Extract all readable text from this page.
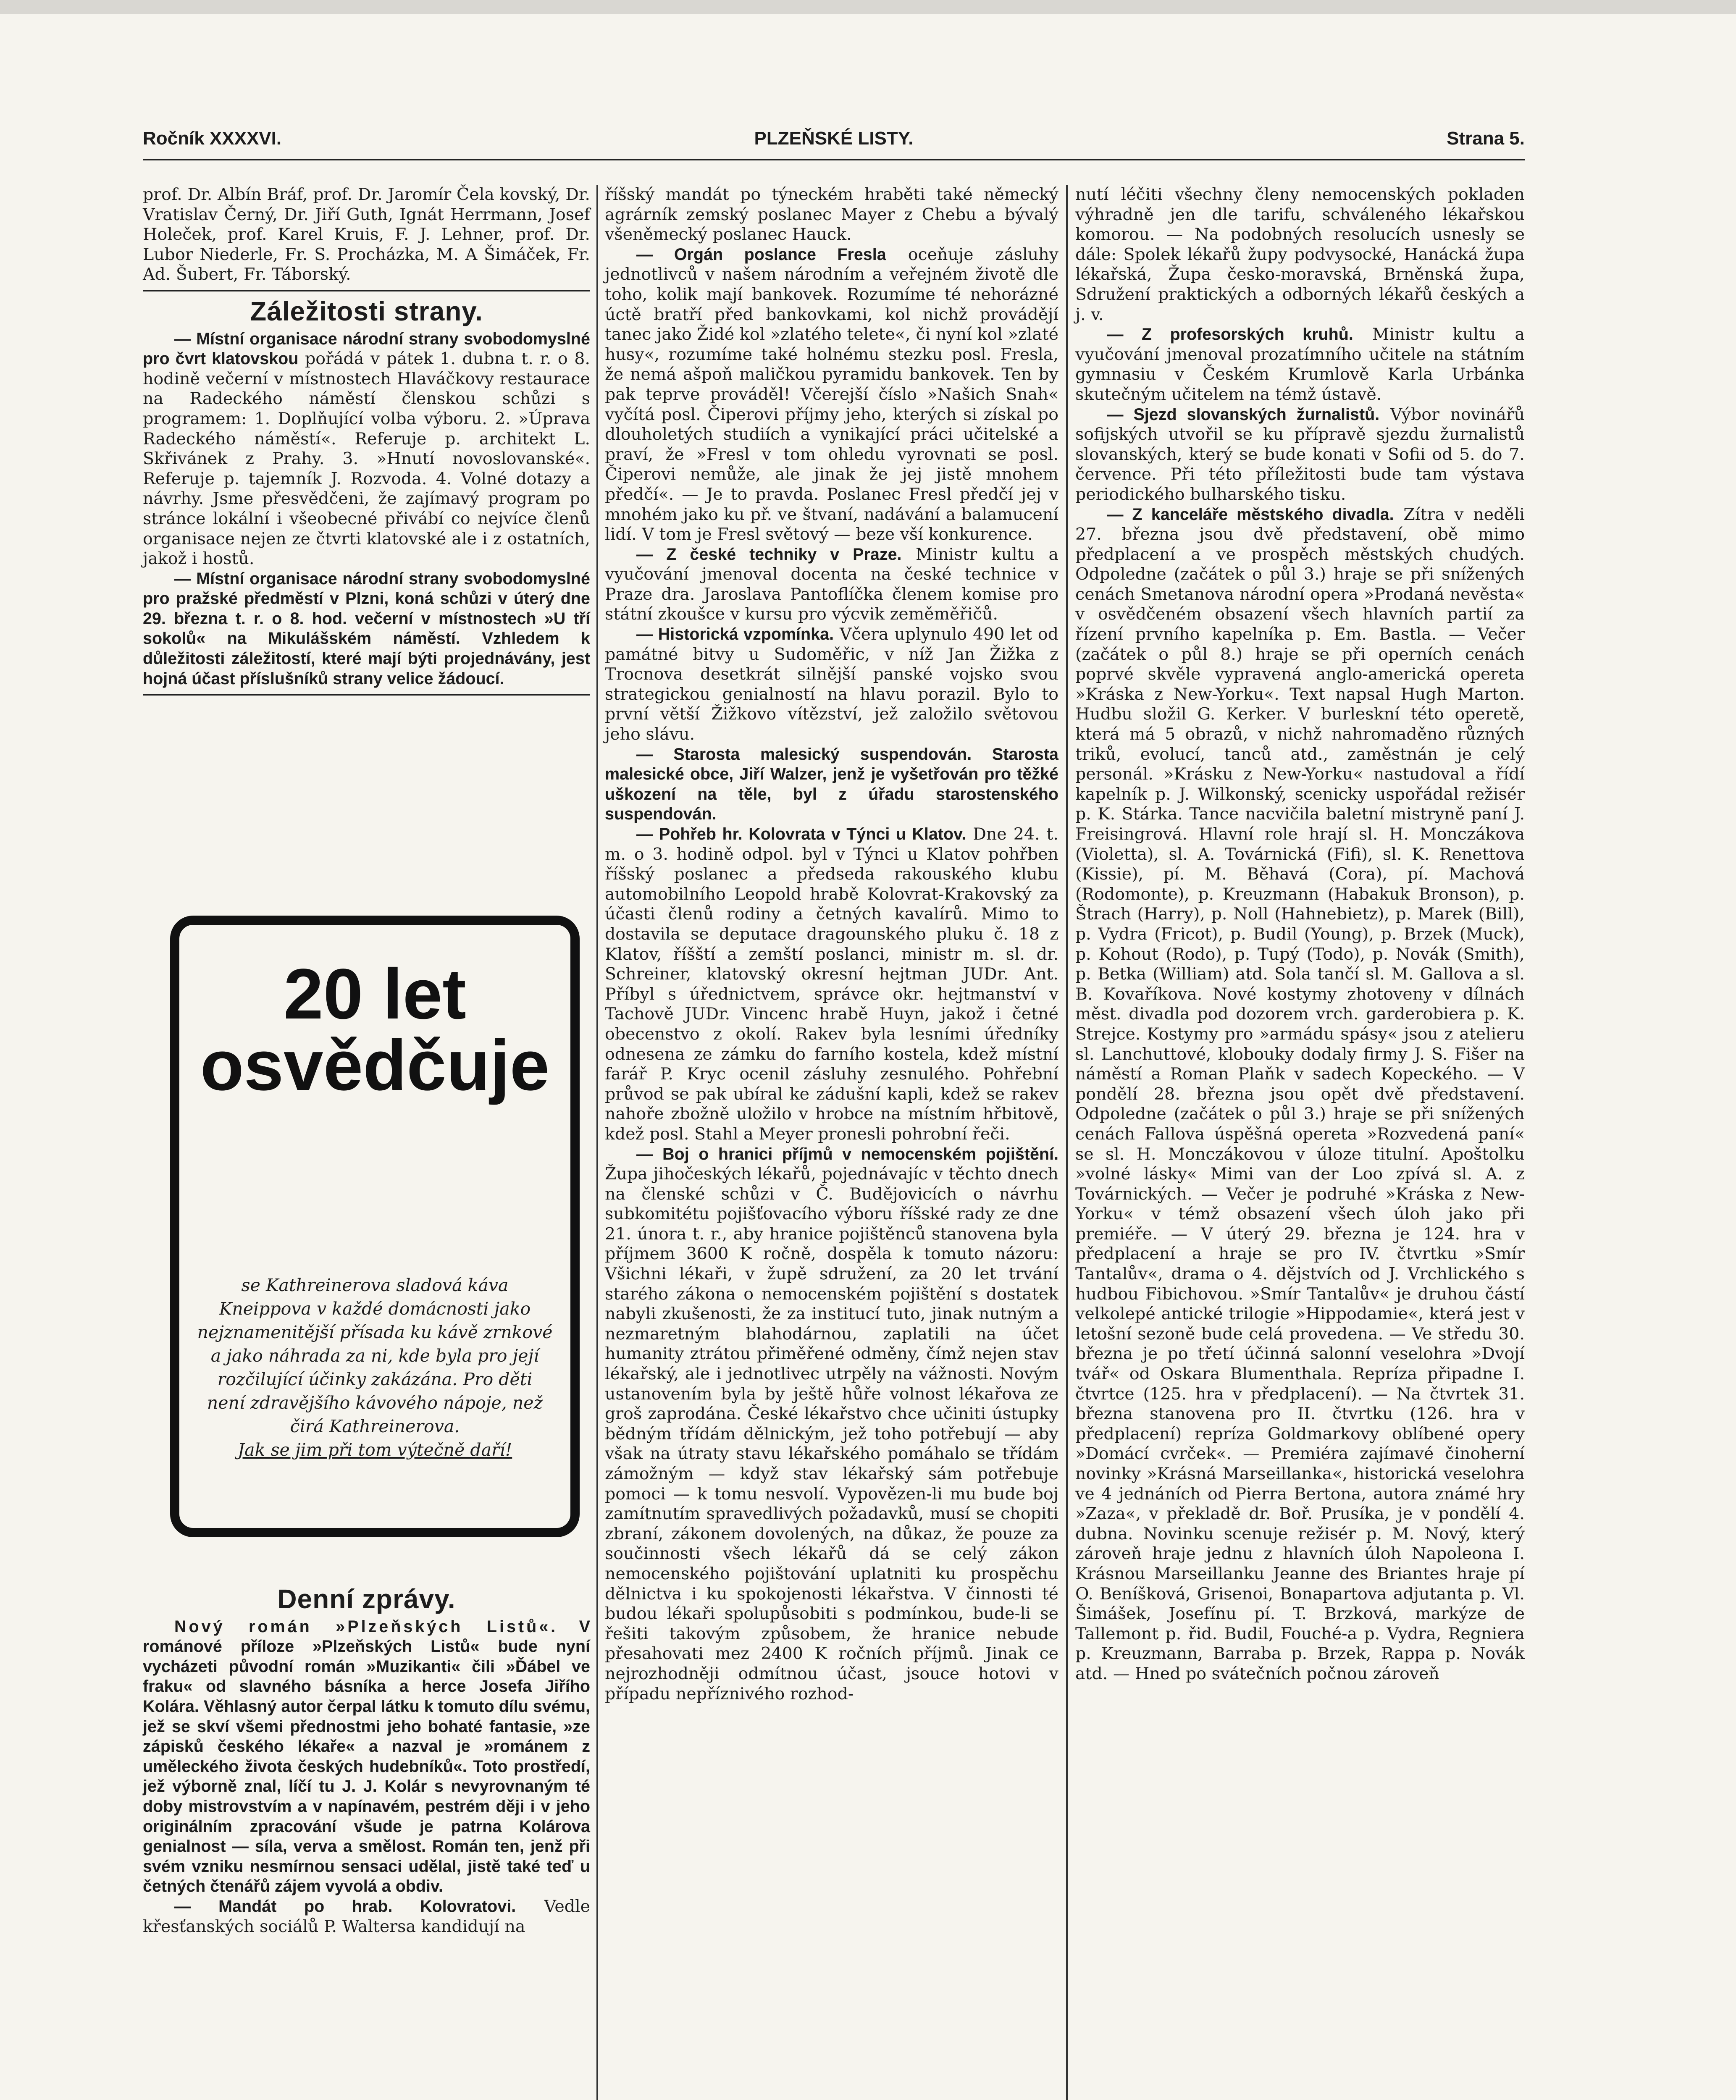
Ročník XXXXVI.	PLZEŇSKÉ LISTY.	Strana 5.

prof. Dr. Albín Bráf, prof. Dr. Jaromír Čela kovský, Dr. Vratislav Černý, Dr. Jiří Guth, Ignát Herrmann, Josef Holeček, prof. Karel Kruis, F. J. Lehner, prof. Dr. Lubor Niederle, Fr. S. Procházka, M. A Šimáček, Fr. Ad. Šubert, Fr. Táborský.

Záležitosti strany.

— Místní organisace národní strany svobodomyslné pro čvrt klatovskou pořádá v pátek 1. dubna t. r. o 8. hodině večerní v místnostech Hlaváčkovy restaurace na Radeckého náměstí členskou schůzi s programem: 1. Doplňující volba výboru. 2. »Úprava Radeckého náměstí«. Referuje p. architekt L. Skřivánek z Prahy. 3. »Hnutí novoslovanské«. Referuje p. tajemník J. Rozvoda. 4. Volné dotazy a návrhy. Jsme přesvědčeni, že zajímavý program po stránce lokální i všeobecné přivábí co nejvíce členů organisace nejen ze čtvrti klatovské ale i z ostatních, jakož i hostů.

— Místní organisace národní strany svobodomyslné pro pražské předměstí v Plzni, koná schůzi v úterý dne 29. března t. r. o 8. hod. večerní v místnostech »U tří sokolů« na Mikulášském náměstí. Vzhledem k důležitosti záležitostí, které mají býti projednávány, jest hojná účast příslušníků strany velice žádoucí.

20 let
osvědčuje
se Kathreinerova sladová káva Kneippova v každé domácnosti jako nejznamenitější přísada ku kávě zrnkové a jako náhrada za ni, kde byla pro její rozčilující účinky zakázána. Pro děti není zdravějšího kávového nápoje, než čirá Kathreinerova.
Jak se jim při tom výtečně daří!
Denní zprávy.

Nový román »Plzeňských Listů«. V románové příloze »Plzeňských Listů« bude nyní vycházeti původní román »Muzikanti« čili »Ďábel ve fraku« od slavného básníka a herce Josefa Jiřího Kolára. Věhlasný autor čerpal látku k tomuto dílu svému, jež se skví všemi přednostmi jeho bohaté fantasie, »ze zápisků českého lékaře« a nazval je »románem z uměleckého života českých hudebníků«. Toto prostředí, jež výborně znal, líčí tu J. J. Kolár s nevyrovnaným té doby mistrovstvím a v napínavém, pestrém ději i v jeho originálním zpracování všude je patrna Kolárova genialnost — síla, verva a smělost. Román ten, jenž při svém vzniku nesmírnou sensaci udělal, jistě také teď u četných čtenářů zájem vyvolá a obdiv.

— Mandát po hrab. Kolovratovi. Vedle křesťanských sociálů P. Waltersa kandidují na

říšský mandát po týneckém hraběti také německý agrárník zemský poslanec Mayer z Chebu a bývalý všeněmecký poslanec Hauck.

— Orgán poslance Fresla oceňuje zásluhy jednotlivců v našem národním a veřejném životě dle toho, kolik mají bankovek. Rozumíme té nehorázné úctě bratří před bankovkami, kol nichž provádějí tanec jako Židé kol »zlatého telete«, či nyní kol »zlaté husy«, rozumíme také holnému stezku posl. Fresla, že nemá ašpoň maličkou pyramidu bankovek. Ten by pak teprve prováděl! Včerejší číslo »Našich Snah« vyčítá posl. Čiperovi příjmy jeho, kterých si získal po dlouholetých studiích a vynikající práci učitelské a praví, že »Fresl v tom ohledu vyrovnati se posl. Čiperovi nemůže, ale jinak že jej jistě mnohem předčí«. — Je to pravda. Poslanec Fresl předčí jej v mnohém jako ku př. ve štvaní, nadávání a balamucení lidí. V tom je Fresl světový — beze vší konkurence.

— Z české techniky v Praze. Ministr kultu a vyučování jmenoval docenta na české technice v Praze dra. Jaroslava Pantoflíčka členem komise pro státní zkoušce v kursu pro výcvik zeměměřičů.

— Historická vzpomínka. Včera uplynulo 490 let od památné bitvy u Sudoměřic, v níž Jan Žižka z Trocnova desetkrát silnější panské vojsko svou strategickou genialností na hlavu porazil. Bylo to první větší Žižkovo vítězství, jež založilo světovou jeho slávu.

— Starosta malesický suspendován. Starosta malesické obce, Jiří Walzer, jenž je vyšetřován pro těžké uškození na těle, byl z úřadu starostenského suspendován.

— Pohřeb hr. Kolovrata v Týnci u Klatov. Dne 24. t. m. o 3. hodině odpol. byl v Týnci u Klatov pohřben říšský poslanec a předseda rakouského klubu automobilního Leopold hrabě Kolovrat-Krakovský za účasti členů rodiny a četných kavalírů. Mimo to dostavila se deputace dragounského pluku č. 18 z Klatov, říšští a zemští poslanci, ministr m. sl. dr. Schreiner, klatovský okresní hejtman JUDr. Ant. Příbyl s úřednictvem, správce okr. hejtmanství v Tachově JUDr. Vincenc hrabě Huyn, jakož i četné obecenstvo z okolí. Rakev byla lesními úředníky odnesena ze zámku do farního kostela, kdež místní farář P. Kryc ocenil zásluhy zesnulého. Pohřební průvod se pak ubíral ke zádušní kapli, kdež se rakev nahoře zbožně uložilo v hrobce na místním hřbitově, kdež posl. Stahl a Meyer pronesli pohrobní řeči.

— Boj o hranici příjmů v nemocenském pojištění. Župa jihočeských lékařů, pojednávajíc v těchto dnech na členské schůzi v Č. Budějovicích o návrhu subkomitétu pojišťovacího výboru říšské rady ze dne 21. února t. r., aby hranice pojištěnců stanovena byla příjmem 3600 K ročně, dospěla k tomuto názoru: Všichni lékaři, v župě sdružení, za 20 let trvání starého zákona o nemocenském pojištění s dostatek nabyli zkušenosti, že za institucí tuto, jinak nutným a nezmaretným blahodárnou, zaplatili na účet humanity ztrátou přiměřené odměny, čímž nejen stav lékařský, ale i jednotlivec utrpěly na vážnosti. Novým ustanovením byla by ještě hůře volnost lékařova ze groš zaprodána. České lékařstvo chce učiniti ústupky bědným třídám dělnickým, jež toho potřebují — aby však na útraty stavu lékařského pomáhalo se třídám zámožným — když stav lékařský sám potřebuje pomoci — k tomu nesvolí. Vypovězen-li mu bude boj zamítnutím spravedlivých požadavků, musí se chopiti zbraní, zákonem dovolených, na důkaz, že pouze za součinnosti všech lékařů dá se celý zákon nemocenského pojištování uplatniti ku prospěchu dělnictva i ku spokojenosti lékařstva. V činnosti té budou lékaři spolupůsobiti s podmínkou, bude-li se řešiti takovým způsobem, že hranice nebude přesahovati mez 2400 K ročních příjmů. Jinak ce nejrozhodněji odmítnou účast, jsouce hotovi v případu nepříznivého rozhod-

nutí léčiti všechny členy nemocenských pokladen výhradně jen dle tarifu, schváleného lékařskou komorou. — Na podobných resolucích usnesly se dále: Spolek lékařů župy podvysocké, Hanácká župa lékařská, Župa česko-moravská, Brněnská župa, Sdružení praktických a odborných lékařů českých a j. v.

— Z profesorských kruhů. Ministr kultu a vyučování jmenoval prozatímního učitele na státním gymnasiu v Českém Krumlově Karla Urbánka skutečným učitelem na témž ústavě.

— Sjezd slovanských žurnalistů. Výbor novinářů sofijských utvořil se ku přípravě sjezdu žurnalistů slovanských, který se bude konati v Sofii od 5. do 7. července. Při této příležitosti bude tam výstava periodického bulharského tisku.

— Z kanceláře městského divadla. Zítra v neděli 27. března jsou dvě představení, obě mimo předplacení a ve prospěch městských chudých. Odpoledne (začátek o půl 3.) hraje se při snížených cenách Smetanova národní opera »Prodaná nevěsta« v osvědčeném obsazení všech hlavních partií za řízení prvního kapelníka p. Em. Bastla. — Večer (začátek o půl 8.) hraje se při operních cenách poprvé skvěle vypravená anglo-americká opereta »Kráska z New-Yorku«. Text napsal Hugh Marton. Hudbu složil G. Kerker. V burleskní této operetě, která má 5 obrazů, v nichž nahromaděno různých triků, evolucí, tanců atd., zaměstnán je celý personál. »Krásku z New-Yorku« nastudoval a řídí kapelník p. J. Wilkonský, scenicky uspořádal režisér p. K. Stárka. Tance nacvičila baletní mistryně paní J. Freisingrová. Hlavní role hrají sl. H. Monczákova (Violetta), sl. A. Továrnická (Fifi), sl. K. Renettova (Kissie), pí. M. Běhavá (Cora), pí. Machová (Rodomonte), p. Kreuzmann (Habakuk Bronson), p. Štrach (Harry), p. Noll (Hahnebietz), p. Marek (Bill), p. Vydra (Fricot), p. Budil (Young), p. Brzek (Muck), p. Kohout (Rodo), p. Tupý (Todo), p. Novák (Smith), p. Betka (William) atd. Sola tančí sl. M. Gallova a sl. B. Kovaříkova. Nové kostymy zhotoveny v dílnách měst. divadla pod dozorem vrch. garderobiera p. K. Strejce. Kostymy pro »armádu spásy« jsou z atelieru sl. Lanchuttové, klobouky dodaly firmy J. S. Fišer na náměstí a Roman Plaňk v sadech Kopeckého. — V pondělí 28. března jsou opět dvě představení. Odpoledne (začátek o půl 3.) hraje se při snížených cenách Fallova úspěšná opereta »Rozvedená paní« se sl. H. Monczákovou v úloze titulní. Apoštolku »volné lásky« Mimi van der Loo zpívá sl. A. z Továrnických. — Večer je podruhé »Kráska z New-Yorku« v témž obsazení všech úloh jako při premiéře. — V úterý 29. března je 124. hra v předplacení a hraje se pro IV. čtvrtku »Smír Tantalův«, drama o 4. dějstvích od J. Vrchlického s hudbou Fibichovou. »Smír Tantalův« je druhou částí velkolepé antické trilogie »Hippodamie«, která jest v letošní sezoně bude celá provedena. — Ve středu 30. března je po třetí účinná salonní veselohra »Dvojí tvář« od Oskara Blumenthala. Repríza připadne I. čtvrtce (125. hra v předplacení). — Na čtvrtek 31. března stanovena pro II. čtvrtku (126. hra v předplacení) repríza Goldmarkovy oblíbené opery »Domácí cvrček«. — Premiéra zajímavé činoherní novinky »Krásná Marseillanka«, historická veselohra ve 4 jednáních od Pierra Bertona, autora známé hry »Zaza«, v překladě dr. Boř. Prusíka, je v pondělí 4. dubna. Novinku scenuje režisér p. M. Nový, který zároveň hraje jednu z hlavních úloh Napoleona I. Krásnou Marseillanku Jeanne des Briantes hraje pí O. Beníšková, Grisenoi, Bonapartova adjutanta p. Vl. Šimášek, Josefínu pí. T. Brzková, markýze de Tallemont p. řid. Budil, Fouché-a p. Vydra, Regniera p. Kreuzmann, Barraba p. Brzek, Rappa p. Novák atd. — Hned po svátečních počnou zároveň
